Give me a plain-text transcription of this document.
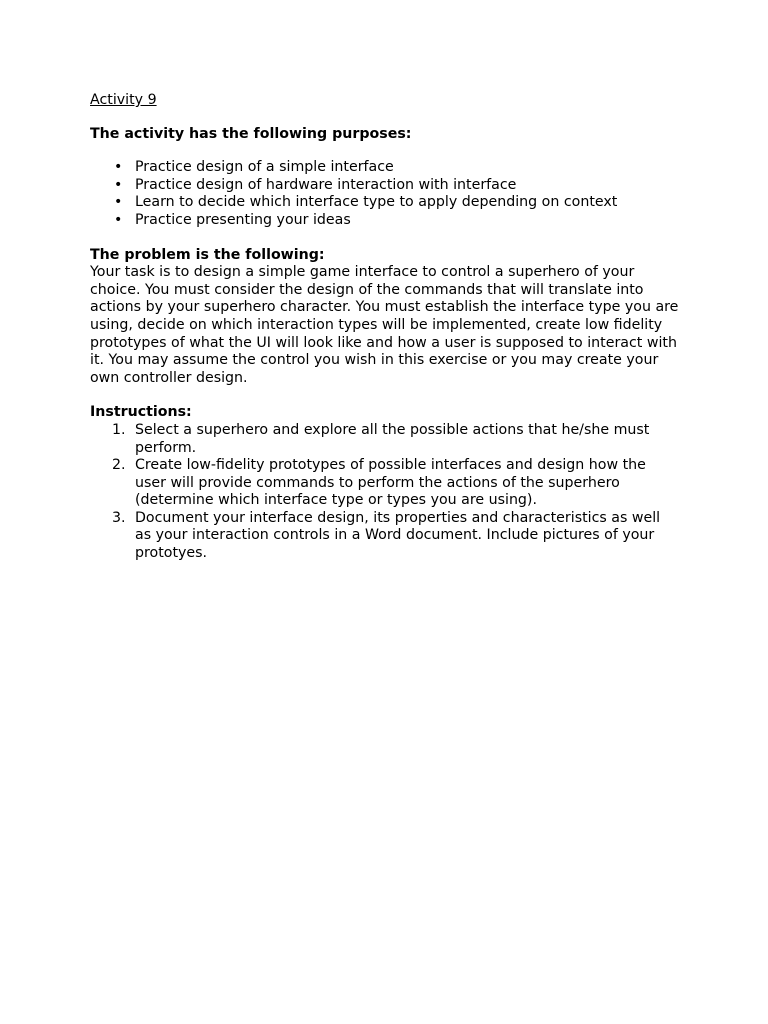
Activity 9

The activity has the following purposes:

• Practice design of a simple interface
• Practice design of hardware interaction with interface
• Learn to decide which interface type to apply depending on context
• Practice presenting your ideas

The problem is the following:

Your task is to design a simple game interface to control a superhero of your choice. You must consider the design of the commands that will translate into actions by your superhero character. You must establish the interface type you are using, decide on which interaction types will be implemented, create low fidelity prototypes of what the UI will look like and how a user is supposed to interact with it. You may assume the control you wish in this exercise or you may create your own controller design.

Instructions:

1. Select a superhero and explore all the possible actions that he/she must perform.
2. Create low-fidelity prototypes of possible interfaces and design how the user will provide commands to perform the actions of the superhero (determine which interface type or types you are using).
3. Document your interface design, its properties and characteristics as well as your interaction controls in a Word document. Include pictures of your prototyes.
